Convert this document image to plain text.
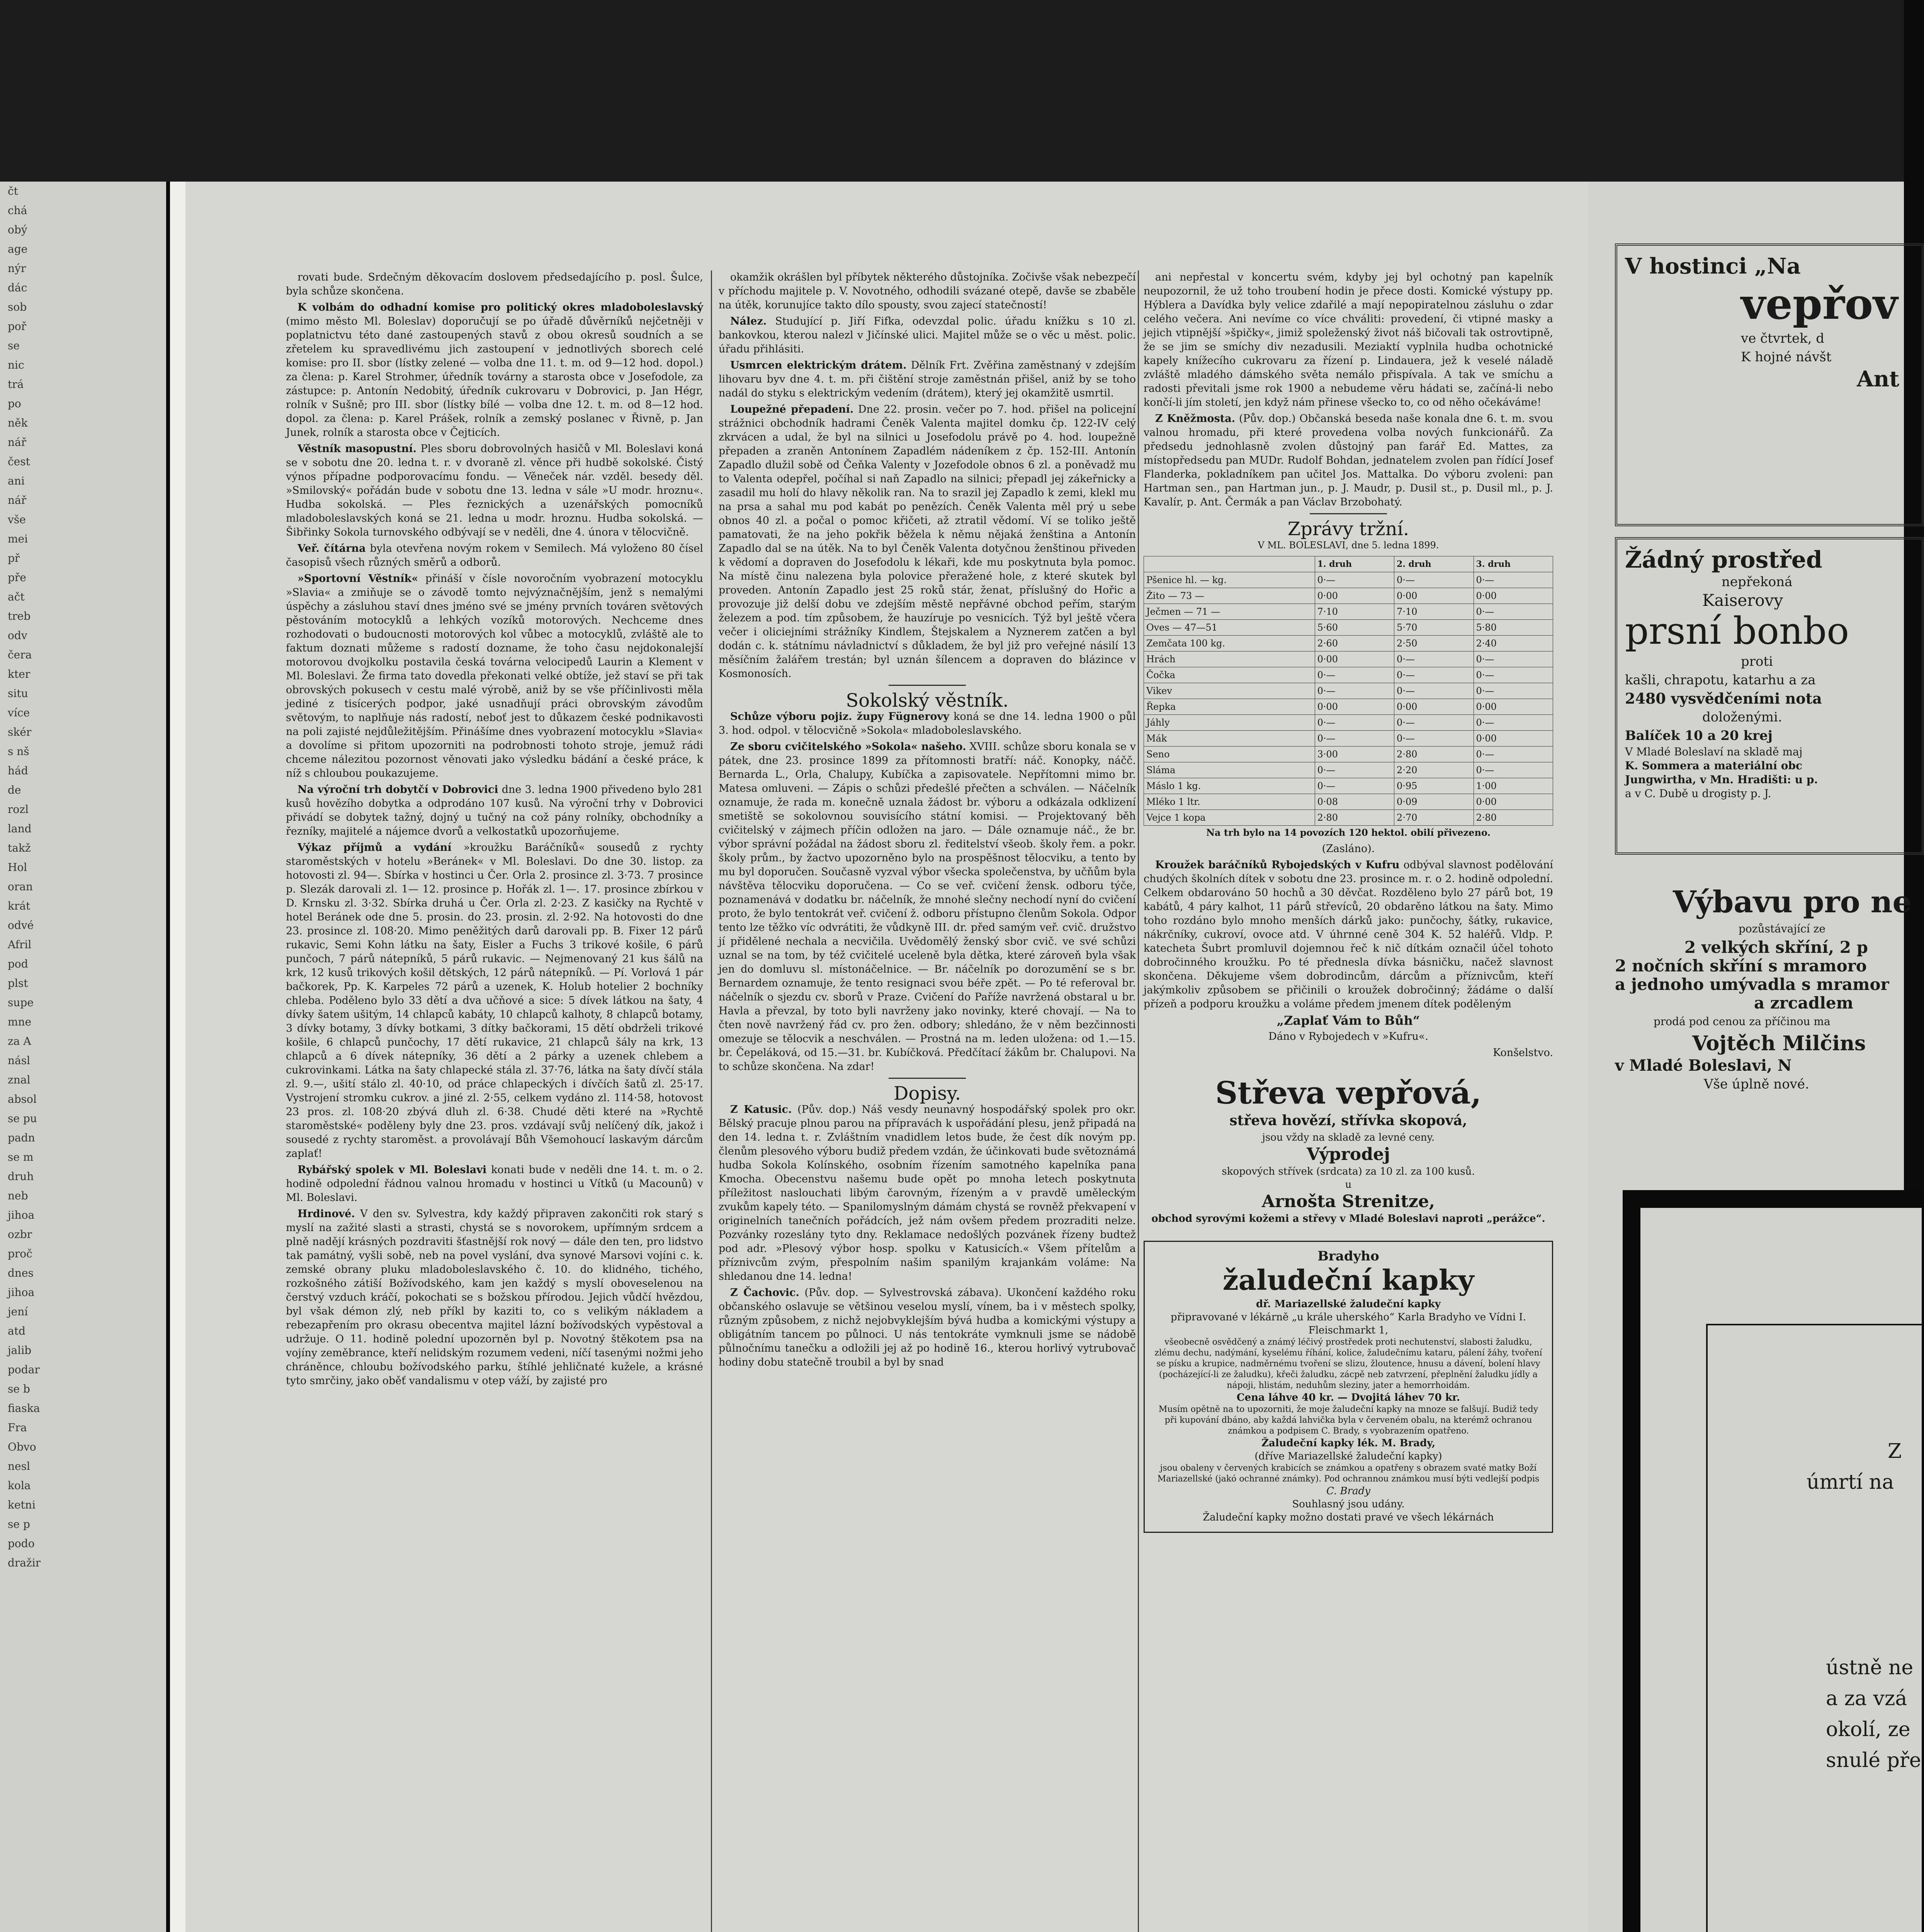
čt

chá

obý

age

nýr

dác

sob

poř

se

nic

trá

po

něk

nář

čest

ani

nář

vše

mei

př

pře

ačt

treb

odv

čera

kter

situ

více

skér

s nš

hád

de

rozl

land

takž

Hol

oran

krát

odvé

Afril

pod

plst

supe

mne

za A

násl

znal

absol

se pu

padn

se m

druh

neb

jihoa

ozbr

proč

dnes

jihoa

jení

atd

jalib

podar

se b

fiaska

Fra

Obvo

nesl

kola

ketni

se p

podo

dražir

rovati bude. Srdečným děkovacím doslovem předsedajícího p. posl. Šulce, byla schůze skončena.

K volbám do odhadní komise pro politický okres mladoboleslavský (mimo město Ml. Boleslav) doporučují se po úřadě důvěrníků nejčetněji v poplatnictvu této dané zastoupených stavů z obou okresů soudních a se zřetelem ku spravedlivému jich zastoupení v jednotlivých sborech celé komise: pro II. sbor (lístky zelené — volba dne 11. t. m. od 9—12 hod. dopol.) za člena: p. Karel Strohmer, úředník továrny a starosta obce v Josefodole, za zástupce: p. Antonín Nedobitý, úředník cukrovaru v Dobrovici, p. Jan Hégr, rolník v Sušně; pro III. sbor (lístky bílé — volba dne 12. t. m. od 8—12 hod. dopol. za člena: p. Karel Prášek, rolník a zemský poslanec v Řivně, p. Jan Junek, rolník a starosta obce v Čejticích.

Věstník masopustní. Ples sboru dobrovolných hasičů v Ml. Boleslavi koná se v sobotu dne 20. ledna t. r. v dvoraně zl. věnce při hudbě sokolské. Čistý výnos případne podporovacímu fondu. — Věneček nár. vzděl. besedy děl. »Smilovský« pořádán bude v sobotu dne 13. ledna v sále »U modr. hroznu«. Hudba sokolská. — Ples řeznických a uzenářských pomocníků mladoboleslavských koná se 21. ledna u modr. hroznu. Hudba sokolská. — Šibřinky Sokola turnovského odbývají se v neděli, dne 4. února v tělocvičně.

Veř. čítárna byla otevřena novým rokem v Semilech. Má vyloženo 80 čísel časopisů všech různých směrů a odborů.

»Sportovní Věstník« přináší v čísle novoročním vyobrazení motocyklu »Slavia« a zmiňuje se o závodě tomto nejvýznačnějším, jenž s nemalými úspěchy a zásluhou staví dnes jméno své se jmény prvních továren světových pěstováním motocyklů a lehkých vozíků motorových. Nechceme dnes rozhodovati o budoucnosti motorových kol vůbec a motocyklů, zvláště ale to faktum doznati můžeme s radostí dozname, že toho času nejdokonalejší motorovou dvojkolku postavila česká továrna velocipedů Laurin a Klement v Ml. Boleslavi. Že firma tato dovedla překonati velké obtíže, jež staví se při tak obrovských pokusech v cestu malé výrobě, aniž by se vše příčinlivosti měla jediné z tisícerých podpor, jaké usnadňují práci obrovským závodům světovým, to naplňuje nás radostí, neboť jest to důkazem české podnikavosti na poli zajisté nejdůležitějším. Přinášíme dnes vyobrazení motocyklu »Slavia« a dovolíme si přitom upozorniti na podrobnosti tohoto stroje, jemuž rádi chceme nálezitou pozornost věnovati jako výsledku bádání a české práce, k níž s chloubou poukazujeme.

Na výroční trh dobytčí v Dobrovici dne 3. ledna 1900 přivedeno bylo 281 kusů hovězího dobytka a odprodáno 107 kusů. Na výroční trhy v Dobrovici přivádí se dobytek tažný, dojný u tučný na což pány rolníky, obchodníky a řezníky, majitelé a nájemce dvorů a velkostatků upozorňujeme.

Výkaz příjmů a vydání »kroužku Baráčníků« sousedů z rychty staroměstských v hotelu »Beránek« v Ml. Boleslavi. Do dne 30. listop. za hotovosti zl. 94—. Sbírka v hostinci u Čer. Orla 2. prosince zl. 3·73. 7 prosince p. Slezák darovali zl. 1— 12. prosince p. Hořák zl. 1—. 17. prosince zbírkou v D. Krnsku zl. 3·32. Sbírka druhá u Čer. Orla zl. 2·23. Z kasičky na Rychtě v hotel Beránek ode dne 5. prosin. do 23. prosin. zl. 2·92. Na hotovosti do dne 23. prosince zl. 108·20. Mimo peněžitých darů darovali pp. B. Fixer 12 párů rukavic, Semi Kohn látku na šaty, Eisler a Fuchs 3 trikové košile, 6 párů punčoch, 7 párů nátepníků, 5 párů rukavic. — Nejmenovaný 21 kus šálů na krk, 12 kusů trikových košil dětských, 12 párů nátepníků. — Pí. Vorlová 1 pár bačkorek, Pp. K. Karpeles 72 párů a uzenek, K. Holub hotelier 2 bochníky chleba. Poděleno bylo 33 dětí a dva učňové a sice: 5 dívek látkou na šaty, 4 dívky šatem ušitým, 14 chlapců kabáty, 10 chlapců kalhoty, 8 chlapců botamy, 3 dívky botamy, 3 dívky botkami, 3 dítky bačkorami, 15 dětí obdrželi trikové košile, 6 chlapců punčochy, 17 dětí rukavice, 21 chlapců šály na krk, 13 chlapců a 6 dívek nátepníky, 36 dětí a 2 párky a uzenek chlebem a cukrovinkami. Látka na šaty chlapecké stála zl. 37·76, látka na šaty dívčí stála zl. 9.—, ušití stálo zl. 40·10, od práce chlapeckých i dívčích šatů zl. 25·17. Vystrojení stromku cukrov. a jiné zl. 2·55, celkem vydáno zl. 114·58, hotovost 23 pros. zl. 108·20 zbývá dluh zl. 6·38. Chudé děti které na »Rychtě staroměstské« poděleny byly dne 23. pros. vzdávají svůj nelíčený dík, jakož i sousedé z rychty staroměst. a provolávají Bůh Všemohoucí laskavým dárcům zaplať!

Rybářský spolek v Ml. Boleslavi konati bude v neděli dne 14. t. m. o 2. hodině odpolední řádnou valnou hromadu v hostinci u Vítků (u Macounů) v Ml. Boleslavi.

Hrdinové. V den sv. Sylvestra, kdy každý připraven zakončiti rok starý s myslí na zažité slasti a strasti, chystá se s novorokem, upřímným srdcem a plně nadějí krásných pozdraviti šťastnější rok nový — dále den ten, pro lidstvo tak památný, vyšli sobě, neb na povel vyslání, dva synové Marsovi vojíni c. k. zemské obrany pluku mladoboleslavského č. 10. do klidného, tichého, rozkošného zátiší Božívodského, kam jen každý s myslí oboveselenou na čerstvý vzduch kráčí, pokochati se s božskou přírodou. Jejich vůdčí hvězdou, byl však démon zlý, neb příkl by kaziti to, co s velikým nákladem a rebezapřením pro okrasu obecentva majitel lázní božívodských vypěstoval a udržuje. O 11. hodině polední upozorněn byl p. Novotný štěkotem psa na vojíny zeměbrance, kteří nelidským rozumem vedeni, níčí tasenými nožmi jeho chráněnce, chloubu božívodského parku, štíhlé jehličnaté kužele, a krásné tyto smrčiny, jako oběť vandalismu v otep váží, by zajisté pro

okamžik okrášlen byl příbytek některého důstojníka. Zočivše však nebezpečí v příchodu majitele p. V. Novotného, odhodili svázané otepě, davše se zbaběle na útěk, korunujíce takto dílo spousty, svou zajecí statečností!

Nález. Studující p. Jiří Fifka, odevzdal polic. úřadu knížku s 10 zl. bankovkou, kterou nalezl v Jičínské ulici. Majitel může se o věc u měst. polic. úřadu přihlásiti.

Usmrcen elektrickým drátem. Dělník Frt. Zvěřina zaměstnaný v zdejším lihovaru byv dne 4. t. m. při čištění stroje zaměstnán přišel, aniž by se toho nadál do styku s elektrickým vedením (drátem), který jej okamžitě usmrtil.

Loupežné přepadení. Dne 22. prosin. večer po 7. hod. přišel na policejní strážnici obchodník hadrami Čeněk Valenta majitel domku čp. 122-IV celý zkrvácen a udal, že byl na silnici u Josefodolu právě po 4. hod. loupežně přepaden a zraněn Antonínem Zapadlém nádeníkem z čp. 152-III. Antonín Zapadlo dlužil sobě od Čeňka Valenty v Jozefodole obnos 6 zl. a poněvadž mu to Valenta odepřel, počíhal si naň Zapadlo na silnici; přepadl jej zákeřnicky a zasadil mu holí do hlavy několik ran. Na to srazil jej Zapadlo k zemi, klekl mu na prsa a sahal mu pod kabát po penězích. Čeněk Valenta měl prý u sebe obnos 40 zl. a počal o pomoc křičeti, až ztratil vědomí. Ví se toliko ještě pamatovati, že na jeho pokřik běžela k němu nějaká ženština a Antonín Zapadlo dal se na útěk. Na to byl Čeněk Valenta dotyčnou ženštinou přiveden k vědomí a dopraven do Josefodolu k lékaři, kde mu poskytnuta byla pomoc. Na místě činu nalezena byla polovice přeražené hole, z které skutek byl proveden. Antonín Zapadlo jest 25 roků stár, ženat, příslušný do Hořic a provozuje již delší dobu ve zdejším městě nepřávné obchod peřím, starým železem a pod. tím způsobem, že hauzíruje po vesnicích. Týž byl ještě včera večer i oliciejními strážníky Kindlem, Štejskalem a Nyznerem zatčen a byl dodán c. k. státnímu návladnictví s důkladem, že byl již pro veřejné násilí 13 měsíčním žalářem trestán; byl uznán šílencem a dopraven do blázince v Kosmonosích.

Sokolský věstník.

Schůze výboru pojiz. župy Fügnerovy koná se dne 14. ledna 1900 o půl 3. hod. odpol. v tělocvičně »Sokola« mladoboleslavského.

Ze sboru cvičitelského »Sokola« našeho. XVIII. schůze sboru konala se v pátek, dne 23. prosince 1899 za přítomnosti bratří: náč. Konopky, náčč. Bernarda L., Orla, Chalupy, Kubíčka a zapisovatele. Nepřítomni mimo br. Matesa omluveni. — Zápis o schůzi předešlé přečten a schválen. — Náčelník oznamuje, že rada m. konečně uznala žádost br. výboru a odkázala odklizení smetiště se sokolovnou souvisícího státní komisi. — Projektovaný běh cvičitelský v zájmech příčin odložen na jaro. — Dále oznamuje náč., že br. výbor správní požádal na žádost sboru zl. ředitelství všeob. školy řem. a pokr. školy prům., by žactvo upozorněno bylo na prospěšnost tělocviku, a tento by mu byl doporučen. Současně vyzval výbor všecka společenstva, by učňům byla návštěva tělocviku doporučena. — Co se veř. cvičení žensk. odboru týče, poznamenává v dodatku br. náčelník, že mnohé slečny nechodí nyní do cvičení proto, že bylo tentokrát veř. cvičení ž. odboru přístupno členům Sokola. Odpor tento lze těžko víc odvrátiti, že vůdkyně III. dr. před samým veř. cvič. družstvo jí přidělené nechala a necvičila. Uvědomělý ženský sbor cvič. ve své schůzi uznal se na tom, by též cvičitelé uceleně byla dětka, které zároveň byla však jen do domluvu sl. místonáčelnice. — Br. náčelník po dorozumění se s br. Bernardem oznamuje, že tento resignaci svou béře zpět. — Po té referoval br. náčelník o sjezdu cv. sborů v Praze. Cvičení do Paříže navržená obstaral u br. Havla a převzal, by toto byli navrženy jako novinky, které chovají. — Na to čten nově navržený řád cv. pro žen. odbory; shledáno, že v něm bezčinnosti omezuje se tělocvik a neschválen. — Prostná na m. leden uložena: od 1.—15. br. Čepeláková, od 15.—31. br. Kubíčková. Předčítací žákům br. Chalupovi. Na to schůze skončena. Na zdar!

Dopisy.

Z Katusic. (Pův. dop.) Náš vesdy neunavný hospodářský spolek pro okr. Bělský pracuje plnou parou na přípravách k uspořádání plesu, jenž připadá na den 14. ledna t. r. Zvláštním vnadidlem letos bude, že čest dík novým pp. členům plesového výboru budiž předem vzdán, že účinkovati bude světoznámá hudba Sokola Kolínského, osobním řízením samotného kapelníka pana Kmocha. Obecenstvu našemu bude opět po mnoha letech poskytnuta příležitost naslouchati libým čarovným, řízeným a v pravdě uměleckým zvukům kapely této. — Spanilomyslným dámám chystá se rovněž překvapení v originelních tanečních pořádcích, jež nám ovšem předem prozraditi nelze. Pozvánky rozeslány tyto dny. Reklamace nedošlých pozvánek řízeny budtež pod adr. »Plesový výbor hosp. spolku v Katusicích.« Všem přítelům a příznivcům zvým, přespolním našim spanilým krajankám voláme: Na shledanou dne 14. ledna!

Z Čachovic. (Pův. dop. — Sylvestrovská zábava). Ukončení každého roku občanského oslavuje se většinou veselou myslí, vínem, ba i v městech spolky, různým způsobem, z nichž nejobvyklejším bývá hudba a komickými výstupy a obligátním tancem po půlnoci. U nás tentokráte vymknuli jsme se nádobě půlnočnímu tanečku a odložili jej až po hodině 16., kterou horlivý vytrubovač hodiny dobu statečně troubil a byl by snad

ani nepřestal v koncertu svém, kdyby jej byl ochotný pan kapelník neupozornil, že už toho troubení hodin je přece dosti. Komické výstupy pp. Hýblera a Davídka byly velice zdařilé a mají nepopiratelnou zásluhu o zdar celého večera. Ani nevíme co více chváliti: provedení, či vtipné masky a jejich vtipnější »špičky«, jimiž spoleženský život náš bičovali tak ostrovtipně, že se jim se smíchy div nezadusili. Meziaktí vyplnila hudba ochotnické kapely knížecího cukrovaru za řízení p. Lindauera, jež k veselé náladě zvláště mladého dámského světa nemálo přispívala. A tak ve smíchu a radosti převitali jsme rok 1900 a nebudeme věru hádati se, začíná-li nebo končí-li jím století, jen když nám přinese všecko to, co od něho očekáváme!

Z Kněžmosta. (Pův. dop.) Občanská beseda naše konala dne 6. t. m. svou valnou hromadu, při které provedena volba nových funkcionářů. Za předsedu jednohlasně zvolen důstojný pan farář Ed. Mattes, za místopředsedu pan MUDr. Rudolf Bohdan, jednatelem zvolen pan řídící Josef Flanderka, pokladníkem pan učitel Jos. Mattalka. Do výboru zvoleni: pan Hartman sen., pan Hartman jun., p. J. Maudr, p. Dusil st., p. Dusil ml., p. J. Kavalír, p. Ant. Čermák a pan Václav Brzobohatý.

Zprávy tržní.

V ML. BOLESLAVI, dne 5. ledna 1899.

	1. druh	2. druh	3. druh
Pšenice hl. — kg.	0·—	0·—	0·—
Žito — 73 —	0·00	0·00	0·00
Ječmen — 71 —	7·10	7·10	0·—
Oves — 47—51	5·60	5·70	5·80
Zemčata 100 kg.	2·60	2·50	2·40
Hrách	0·00	0·—	0·—
Čočka	0·—	0·—	0·—
Vikev	0·—	0·—	0·—
Řepka	0·00	0·00	0·00
Jáhly	0·—	0·—	0·—
Mák	0·—	0·—	0·00
Seno	3·00	2·80	0·—
Sláma	0·—	2·20	0·—
Máslo 1 kg.	0·—	0·95	1·00
Mléko 1 ltr.	0·08	0·09	0·00
Vejce 1 kopa	2·80	2·70	2·80

Na trh bylo na 14 povozích 120 hektol. obilí přivezeno.

(Zasláno).

Kroužek baráčníků Rybojedských v Kufru odbýval slavnost podělování chudých školních dítek v sobotu dne 23. prosince m. r. o 2. hodině odpolední. Celkem obdarováno 50 hochů a 30 děvčat. Rozděleno bylo 27 párů bot, 19 kabátů, 4 páry kalhot, 11 párů střevíců, 20 obdarěno látkou na šaty. Mimo toho rozdáno bylo mnoho menších dárků jako: punčochy, šátky, rukavice, nákrčníky, cukroví, ovoce atd. V úhrnné ceně 304 K. 52 haléřů. Vldp. P. katecheta Šubrt promluvil dojemnou řeč k nič dítkám označil účel tohoto dobročinného kroužku. Po té přednesla dívka básničku, načež slavnost skončena. Děkujeme všem dobrodincům, dárcům a příznivcům, kteří jakýmkoliv způsobem se přičinili o kroužek dobročinný; žádáme o další přízeň a podporu kroužku a voláme předem jmenem dítek poděleným

„Zaplať Vám to Bůh“

Dáno v Rybojedech v »Kufru«.

Konšelstvo.

Střeva vepřová,
střeva hovězí, střívka skopová,
jsou vždy na skladě za levné ceny.
Výprodej
skopových střívek (srdcata) za 10 zl. za 100 kusů.
u
Arnošta Strenitze,
obchod syrovými kožemi a střevy v Mladé Boleslavi naproti „perážce“.
Bradyho
žaludeční kapky
dř. Mariazellské žaludeční kapky
připravované v lékárně „u krále uherského“ Karla Bradyho ve Vídni I. Fleischmarkt 1,
všeobecně osvědčený a známý léčivý prostředek proti nechutenství, slabosti žaludku, zlému dechu, nadýmání, kyselému říhání, kolice, žaludečnímu kataru, pálení žáhy, tvoření se písku a krupice, nadměrnému tvoření se slizu, žloutence, hnusu a dávení, bolení hlavy (pocházející-li ze žaludku), křeči žaludku, zácpě neb zatvrzení, přeplnění žaludku jídly a nápoji, hlistám, neduhům sleziny, jater a hemorrhoidám.
Cena láhve 40 kr. — Dvojitá láhev 70 kr.
Musím opětně na to upozorniti, že moje žaludeční kapky na mnoze se falšují. Budiž tedy při kupování dbáno, aby každá lahvička byla v červeném obalu, na kterémž ochranou známkou a podpisem C. Brady, s vyobrazením opatřeno.
Žaludeční kapky lék. M. Brady,
(dříve Mariazellské žaludeční kapky)
jsou obaleny v červených krabicích se známkou a opatřeny s obrazem svaté matky Boží Mariazellské (jakó ochranné známky). Pod ochrannou známkou musí býti vedlejší podpis
C. Brady
Souhlasný jsou udány.
Žaludeční kapky možno dostati pravé ve všech lékárnách
V hostinci „Na
vepřov
ve čtvrtek, d
K hojné návšt
Ant
Žádný prostřed
nepřekoná
Kaiserovy
prsní bonbo
proti
kašli, chrapotu, katarhu a za
2480 vysvědčeními nota
doloženými.
Balíček 10 a 20 krej
V Mladé Boleslaví na skladě maj
K. Sommera a materiální obc
Jungwirtha, v Mn. Hradišti: u p.
a v C. Dubě u drogisty p. J.
Výbavu pro ne
pozůstávající ze
2 velkých skříní, 2 p
2 nočních skříní s mramoro
a jednoho umývadla s mramor
a zrcadlem
prodá pod cenou za příčinou ma
Vojtěch Milčins
v Mladé Boleslavi, N
Vše úplně nové.
Z
úmrtí na
ústně ne
a za vzá
okolí, ze
snulé pře
